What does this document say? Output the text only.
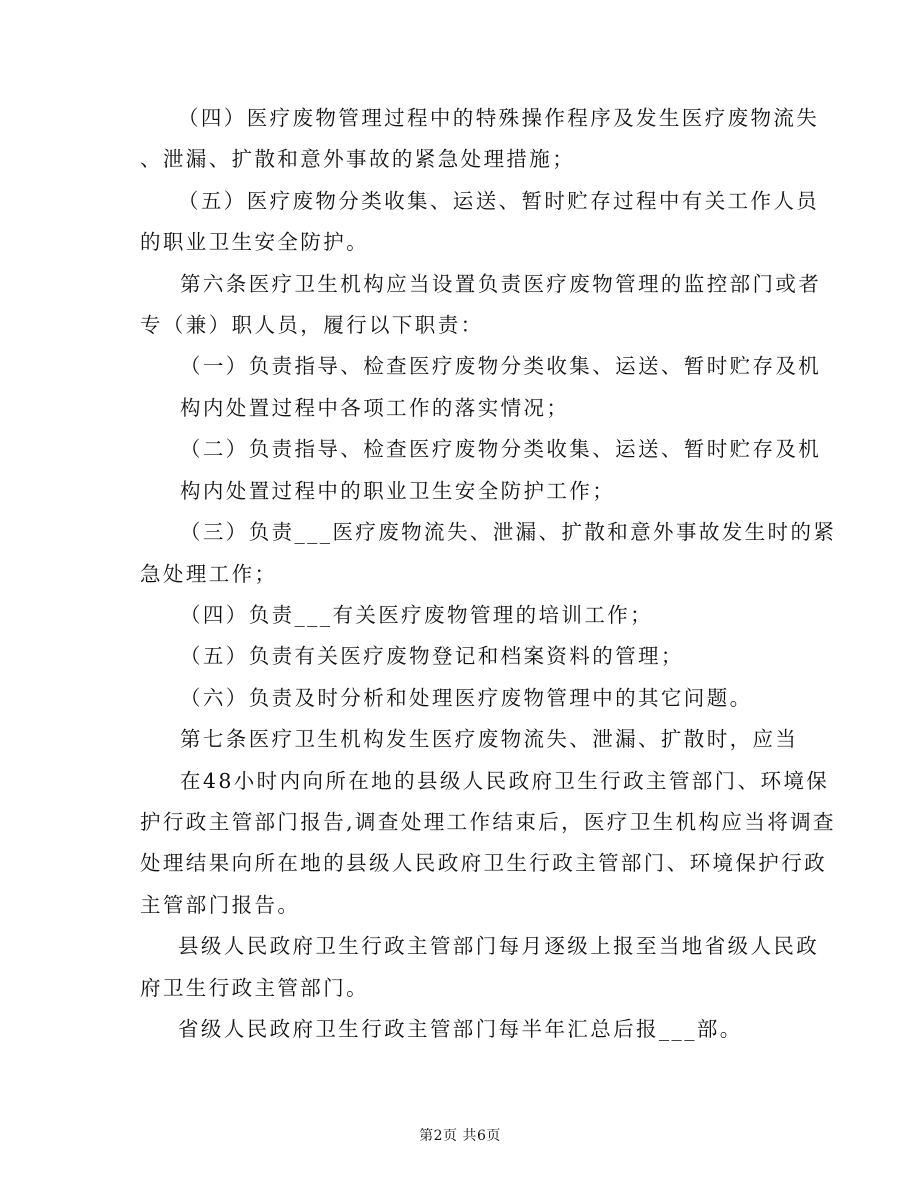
（四）医疗废物管理过程中的特殊操作程序及发生医疗废物流失
、泄漏、扩散和意外事故的紧急处理措施；
（五）医疗废物分类收集、运送、暂时贮存过程中有关工作人员
的职业卫生安全防护。
第六条医疗卫生机构应当设置负责医疗废物管理的监控部门或者
专（兼）职人员，履行以下职责：
（一）负责指导、检查医疗废物分类收集、运送、暂时贮存及机
构内处置过程中各项工作的落实情况；
（二）负责指导、检查医疗废物分类收集、运送、暂时贮存及机
构内处置过程中的职业卫生安全防护工作；
（三）负责___医疗废物流失、泄漏、扩散和意外事故发生时的紧
急处理工作；
（四）负责___有关医疗废物管理的培训工作；
（五）负责有关医疗废物登记和档案资料的管理；
（六）负责及时分析和处理医疗废物管理中的其它问题。
第七条医疗卫生机构发生医疗废物流失、泄漏、扩散时，应当
在48小时内向所在地的县级人民政府卫生行政主管部门、环境保
护行政主管部门报告,调查处理工作结束后，医疗卫生机构应当将调查
处理结果向所在地的县级人民政府卫生行政主管部门、环境保护行政
主管部门报告。
县级人民政府卫生行政主管部门每月逐级上报至当地省级人民政
府卫生行政主管部门。
省级人民政府卫生行政主管部门每半年汇总后报___部。
第2页 共6页
